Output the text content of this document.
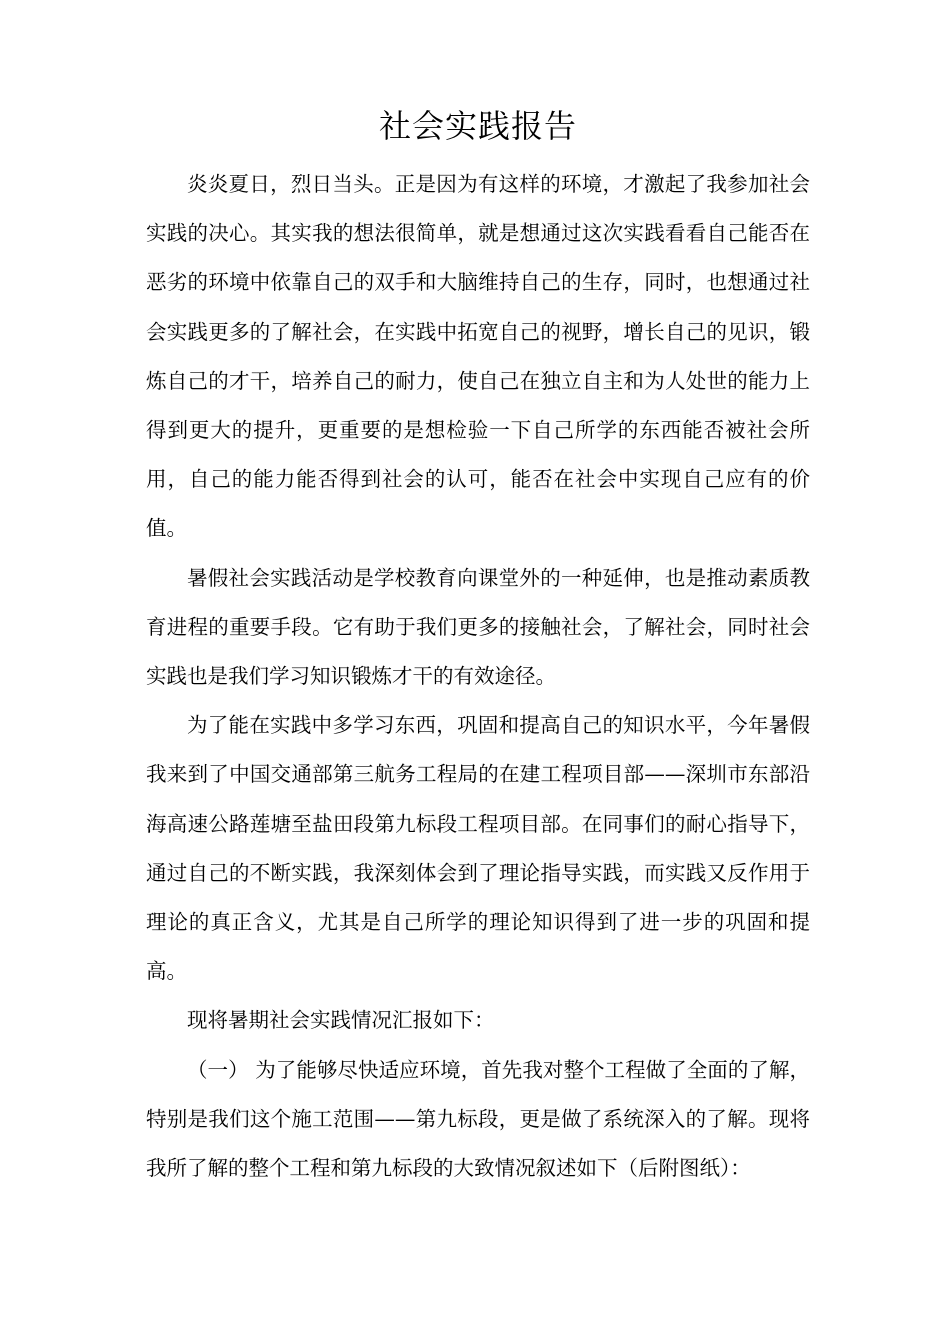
社会实践报告

炎炎夏日，烈日当头。正是因为有这样的环境，才激起了我参加社会实践的决心。其实我的想法很简单，就是想通过这次实践看看自己能否在恶劣的环境中依靠自己的双手和大脑维持自己的生存，同时，也想通过社会实践更多的了解社会，在实践中拓宽自己的视野，增长自己的见识，锻炼自己的才干，培养自己的耐力，使自己在独立自主和为人处世的能力上得到更大的提升，更重要的是想检验一下自己所学的东西能否被社会所用，自己的能力能否得到社会的认可，能否在社会中实现自己应有的价值。

暑假社会实践活动是学校教育向课堂外的一种延伸，也是推动素质教育进程的重要手段。它有助于我们更多的接触社会，了解社会，同时社会实践也是我们学习知识锻炼才干的有效途径。

为了能在实践中多学习东西，巩固和提高自己的知识水平，今年暑假我来到了中国交通部第三航务工程局的在建工程项目部——深圳市东部沿海高速公路莲塘至盐田段第九标段工程项目部。在同事们的耐心指导下，通过自己的不断实践，我深刻体会到了理论指导实践，而实践又反作用于理论的真正含义，尤其是自己所学的理论知识得到了进一步的巩固和提高。

现将暑期社会实践情况汇报如下：

（一） 为了能够尽快适应环境，首先我对整个工程做了全面的了解，特别是我们这个施工范围——第九标段，更是做了系统深入的了解。现将我所了解的整个工程和第九标段的大致情况叙述如下（后附图纸）：
